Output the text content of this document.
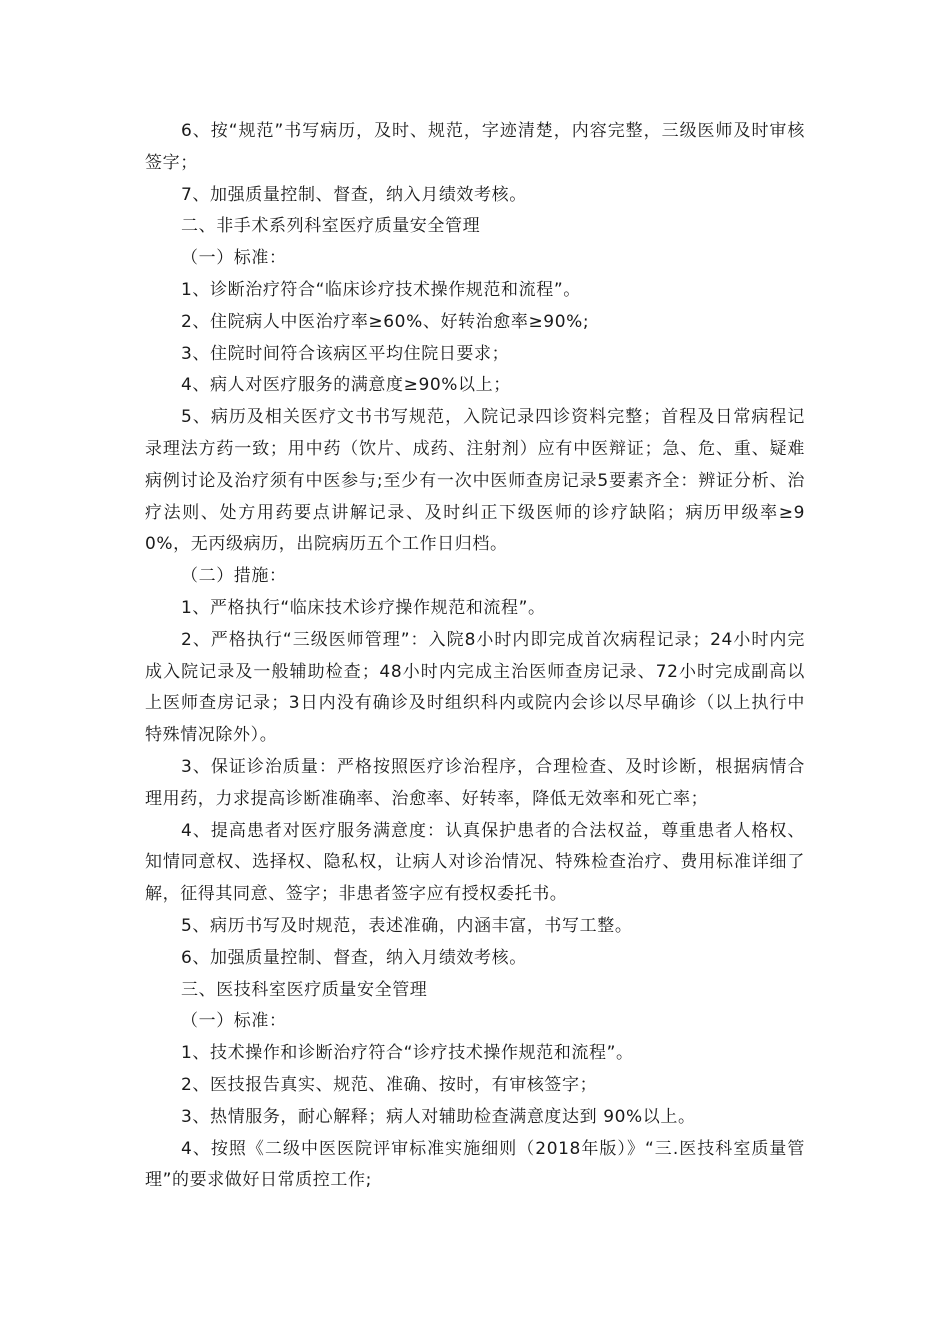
6、按“规范”书写病历，及时、规范，字迹清楚，内容完整，三级医师及时审核签字；

7、加强质量控制、督查，纳入月绩效考核。

二、非手术系列科室医疗质量安全管理

（一）标准：

1、诊断治疗符合“临床诊疗技术操作规范和流程”。

2、住院病人中医治疗率≥60%、好转治愈率≥90%;

3、住院时间符合该病区平均住院日要求；

4、病人对医疗服务的满意度≥90%以上；

5、病历及相关医疗文书书写规范，入院记录四诊资料完整；首程及日常病程记录理法方药一致；用中药（饮片、成药、注射剂）应有中医辩证；急、危、重、疑难病例讨论及治疗须有中医参与;至少有一次中医师查房记录5要素齐全：辨证分析、治疗法则、处方用药要点讲解记录、及时纠正下级医师的诊疗缺陷；病历甲级率≥90%，无丙级病历，出院病历五个工作日归档。

（二）措施：

1、严格执行“临床技术诊疗操作规范和流程”。

2、严格执行“三级医师管理”：入院8小时内即完成首次病程记录；24小时内完成入院记录及一般辅助检查；48小时内完成主治医师查房记录、72小时完成副高以上医师查房记录；3日内没有确诊及时组织科内或院内会诊以尽早确诊（以上执行中特殊情况除外）。

3、保证诊治质量：严格按照医疗诊治程序，合理检查、及时诊断，根据病情合理用药，力求提高诊断准确率、治愈率、好转率，降低无效率和死亡率；

4、提高患者对医疗服务满意度：认真保护患者的合法权益，尊重患者人格权、知情同意权、选择权、隐私权，让病人对诊治情况、特殊检查治疗、费用标准详细了解，征得其同意、签字；非患者签字应有授权委托书。

5、病历书写及时规范，表述准确，内涵丰富，书写工整。

6、加强质量控制、督查，纳入月绩效考核。

三、医技科室医疗质量安全管理

（一）标准：

1、技术操作和诊断治疗符合“诊疗技术操作规范和流程”。

2、医技报告真实、规范、准确、按时，有审核签字；

3、热情服务，耐心解释；病人对辅助检查满意度达到 90%以上。

4、按照《二级中医医院评审标准实施细则（2018年版）》“三.医技科室质量管理”的要求做好日常质控工作;
